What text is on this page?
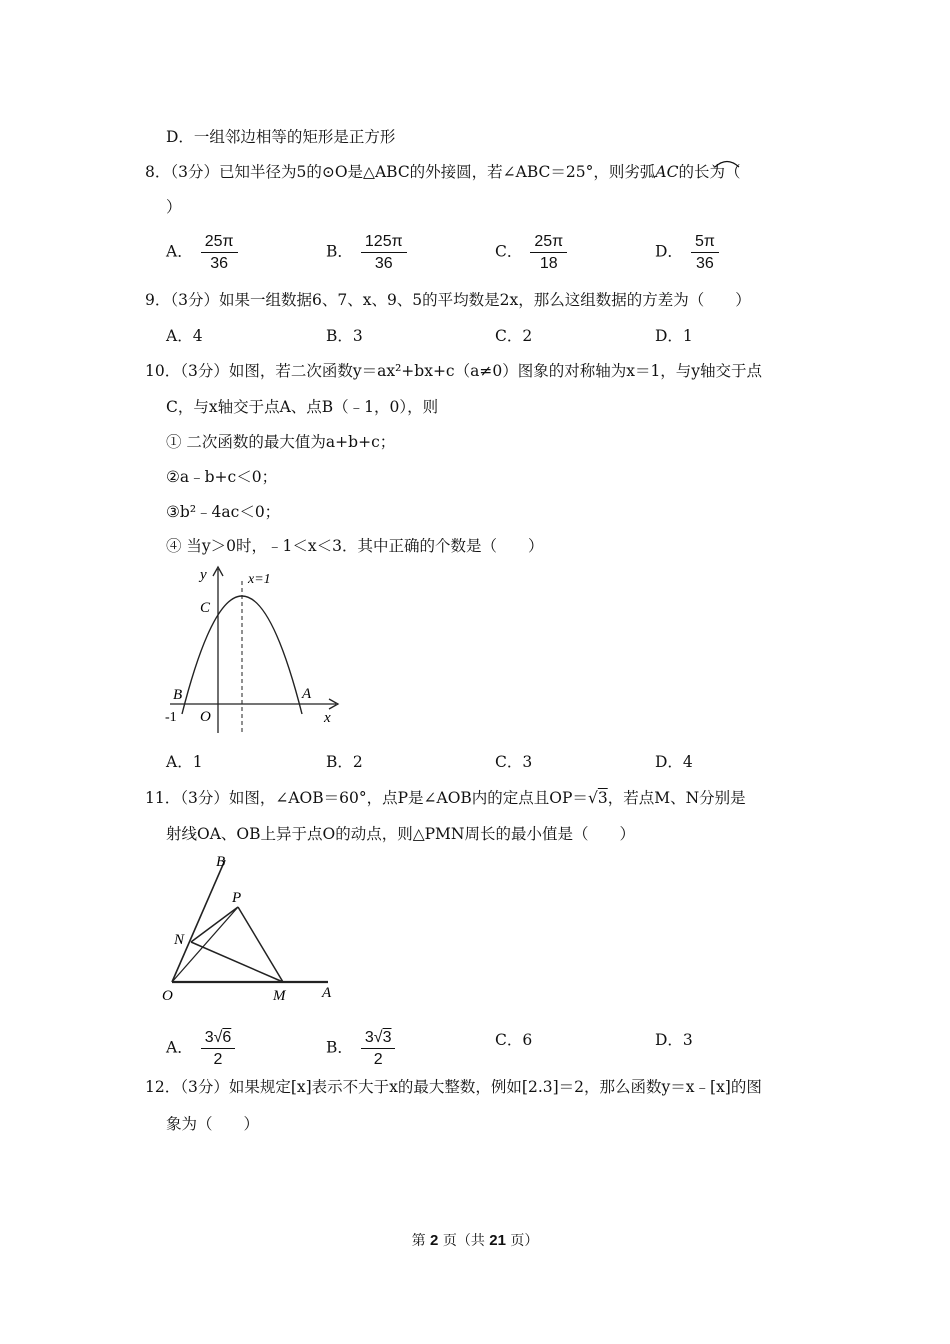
D．一组邻边相等的矩形是正方形
8．（3分）已知半径为5的⊙O是△ABC的外接圆，若∠ABC＝25°，则劣弧AC的长为（
）
A． $\frac{25\pi}{36}$	B． $\frac{125\pi}{36}$	C． $\frac{25\pi}{18}$	D． $\frac{5\pi}{36}$
9．（3分）如果一组数据6、7、x、9、5的平均数是2x，那么这组数据的方差为（　　）
A．4	B．3	C．2	D．1
10．（3分）如图，若二次函数y＝ax²+bx+c（a≠0）图象的对称轴为x＝1，与y轴交于点
C，与x轴交于点A、点B（﹣1，0），则
① 二次函数的最大值为a+b+c；
②a﹣b+c＜0；
③b²﹣4ac＜0；
④ 当y＞0时，﹣1＜x＜3．其中正确的个数是（　　）
y	x=1
C
B	A
O
-1	x
A．1	B．2	C．3	D．4
11．（3分）如图，∠AOB＝60°，点P是∠AOB内的定点且OP＝√3，若点M、N分别是
射线OA、OB上异于点O的动点，则△PMN周长的最小值是（　　）
B
P
N
O	M A
A． $\frac{3√6}{2}$	B． $\frac{3√3}{2}$	C．6	D．3
12．（3分）如果规定[x]表示不大于x的最大整数，例如[2.3]＝2，那么函数y＝x﹣[x]的图
象为（　　）
第 2 页（共 21 页）
